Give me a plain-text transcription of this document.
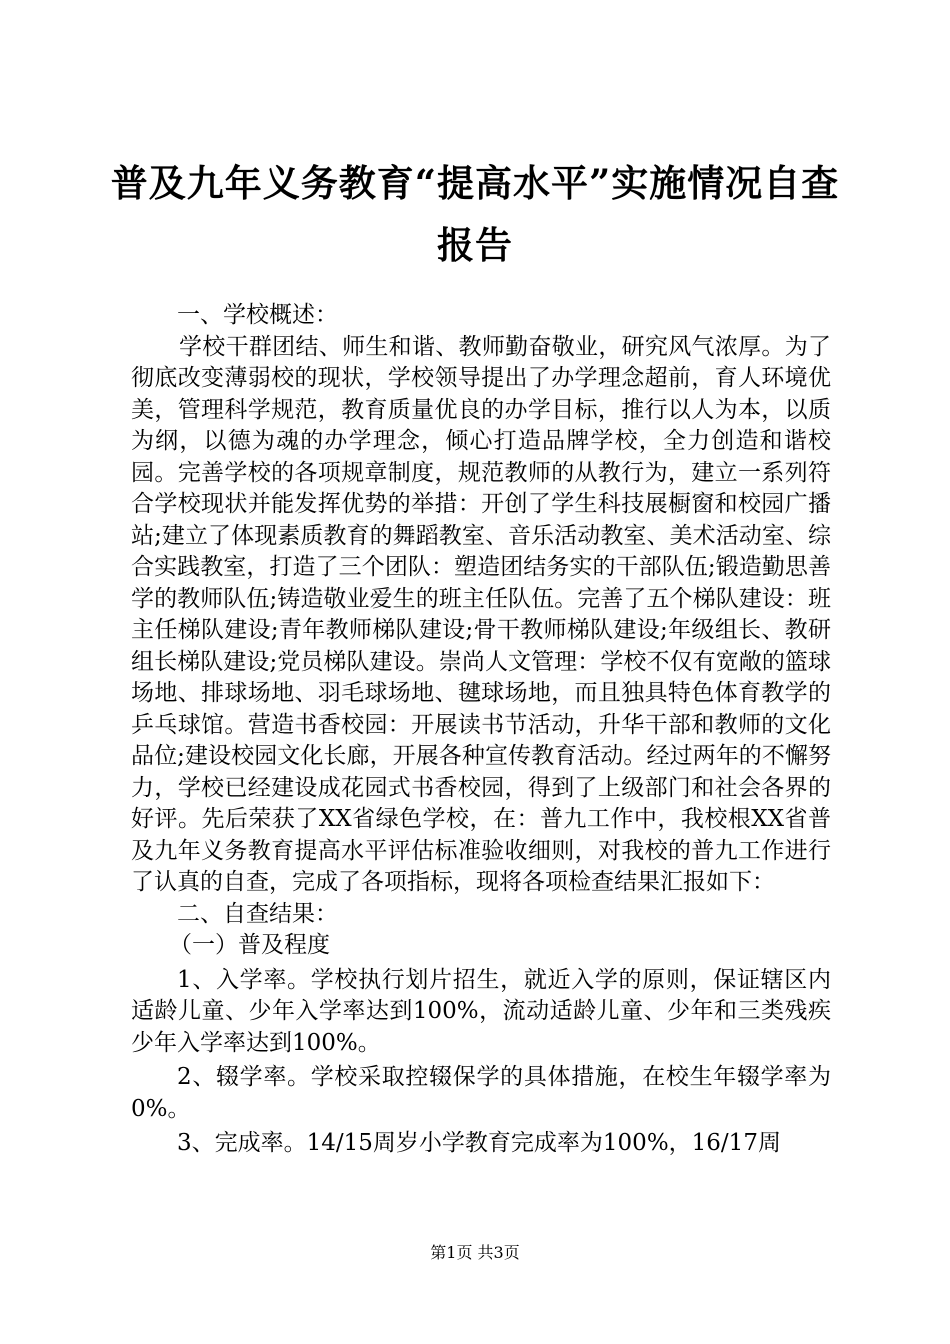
普及九年义务教育“提高水平”实施情况自查
报告

一、学校概述：

学校干群团结、师生和谐、教师勤奋敬业，研究风气浓厚。为了彻底改变薄弱校的现状，学校领导提出了办学理念超前，育人环境优美，管理科学规范，教育质量优良的办学目标，推行以人为本，以质为纲，以德为魂的办学理念，倾心打造品牌学校，全力创造和谐校园。完善学校的各项规章制度，规范教师的从教行为，建立一系列符合学校现状并能发挥优势的举措：开创了学生科技展橱窗和校园广播站;建立了体现素质教育的舞蹈教室、音乐活动教室、美术活动室、综合实践教室，打造了三个团队：塑造团结务实的干部队伍;锻造勤思善学的教师队伍;铸造敬业爱生的班主任队伍。完善了五个梯队建设：班主任梯队建设;青年教师梯队建设;骨干教师梯队建设;年级组长、教研组长梯队建设;党员梯队建设。崇尚人文管理：学校不仅有宽敞的篮球场地、排球场地、羽毛球场地、毽球场地，而且独具特色体育教学的乒乓球馆。营造书香校园：开展读书节活动，升华干部和教师的文化品位;建设校园文化长廊，开展各种宣传教育活动。经过两年的不懈努力，学校已经建设成花园式书香校园，得到了上级部门和社会各界的好评。先后荣获了XX省绿色学校，在：普九工作中，我校根XX省普及九年义务教育提高水平评估标准验收细则，对我校的普九工作进行了认真的自查，完成了各项指标，现将各项检查结果汇报如下：

二、自查结果：

（一）普及程度

1、入学率。学校执行划片招生，就近入学的原则，保证辖区内适龄儿童、少年入学率达到100%，流动适龄儿童、少年和三类残疾少年入学率达到100%。

2、辍学率。学校采取控辍保学的具体措施，在校生年辍学率为0%。

3、完成率。14/15周岁小学教育完成率为100%，16/17周

第1页 共3页
